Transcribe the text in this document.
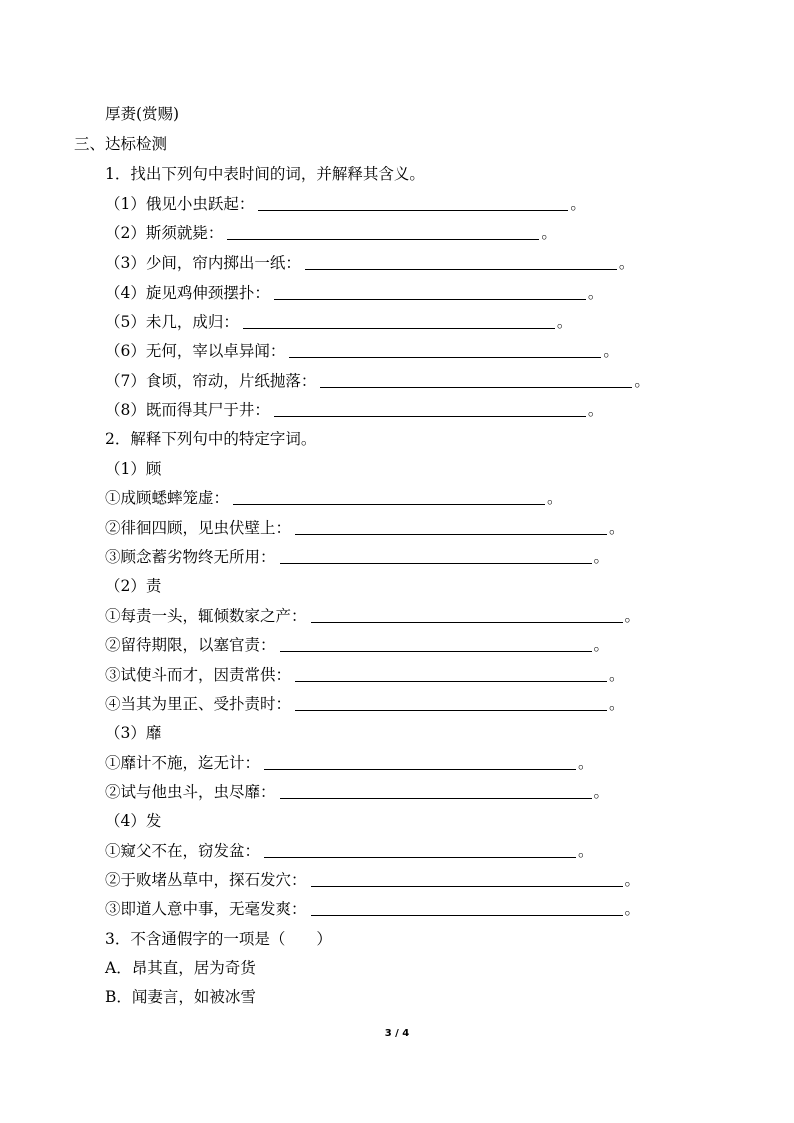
厚赉(赏赐)
三、达标检测
1．找出下列句中表时间的词，并解释其含义。
（1）俄见小虫跃起：	。
（2）斯须就毙：	。
（3）少间，帘内掷出一纸：	。
（4）旋见鸡伸颈摆扑：	。
（5）未几，成归：	。
（6）无何，宰以卓异闻：	。
（7）食顷，帘动，片纸抛落：	。
（8）既而得其尸于井：	。
2．解释下列句中的特定字词。
（1）顾
①成顾蟋蟀笼虚：	。
②徘徊四顾，见虫伏壁上：	。
③顾念蓄劣物终无所用：	。
（2）责
①每责一头，辄倾数家之产：	。
②留待期限，以塞官责：	。
③试使斗而才，因责常供：	。
④当其为里正、受扑责时：	。
（3）靡
①靡计不施，迄无计：	。
②试与他虫斗，虫尽靡：	。
（4）发
①窥父不在，窃发盆：	。
②于败堵丛草中，探石发穴：	。
③即道人意中事，无毫发爽：	。
3．不含通假字的一项是（　　）
A．昂其直，居为奇货
B．闻妻言，如被冰雪
3 / 4
